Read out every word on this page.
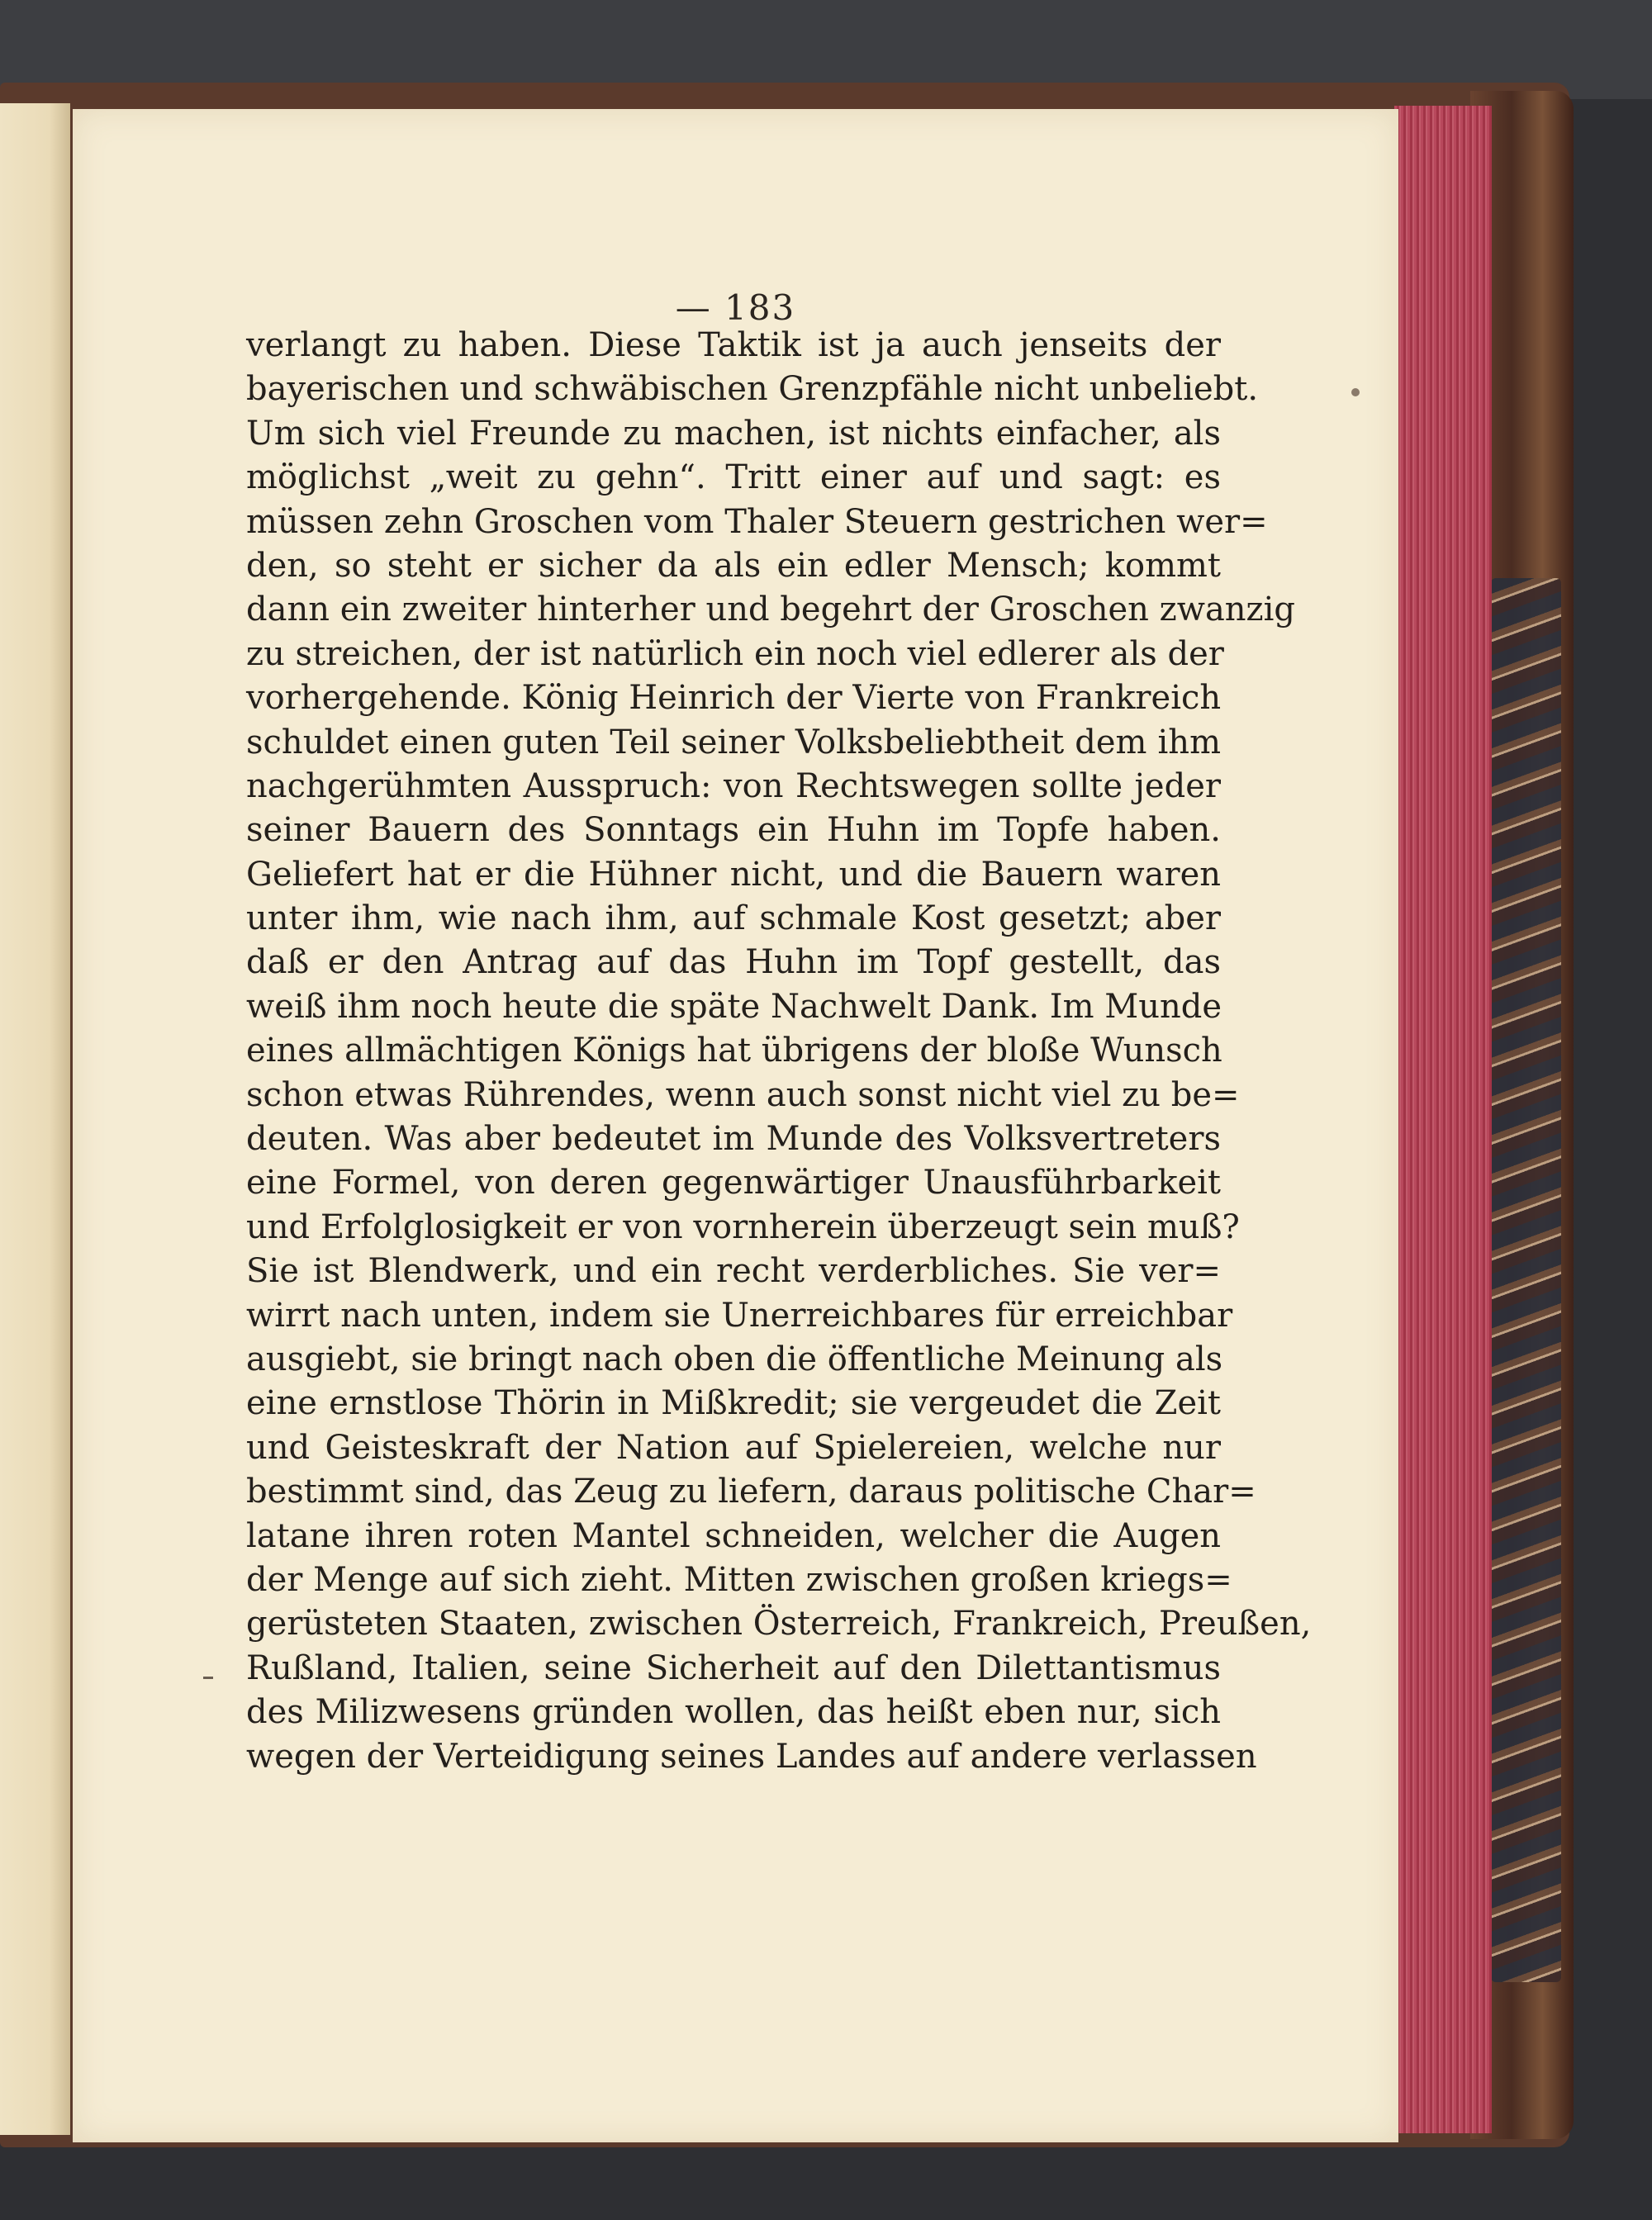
— 183
verlangt zu haben. Diese Taktik ist ja auch jenseits der
bayerischen und schwäbischen Grenzpfähle nicht unbeliebt.
Um sich viel Freunde zu machen, ist nichts einfacher, als
möglichst „weit zu gehn“. Tritt einer auf und sagt: es
müssen zehn Groschen vom Thaler Steuern gestrichen wer=
den, so steht er sicher da als ein edler Mensch; kommt
dann ein zweiter hinterher und begehrt der Groschen zwanzig
zu streichen, der ist natürlich ein noch viel edlerer als der
vorhergehende. König Heinrich der Vierte von Frankreich
schuldet einen guten Teil seiner Volksbeliebtheit dem ihm
nachgerühmten Ausspruch: von Rechtswegen sollte jeder
seiner Bauern des Sonntags ein Huhn im Topfe haben.
Geliefert hat er die Hühner nicht, und die Bauern waren
unter ihm, wie nach ihm, auf schmale Kost gesetzt; aber
daß er den Antrag auf das Huhn im Topf gestellt, das
weiß ihm noch heute die späte Nachwelt Dank. Im Munde
eines allmächtigen Königs hat übrigens der bloße Wunsch
schon etwas Rührendes, wenn auch sonst nicht viel zu be=
deuten. Was aber bedeutet im Munde des Volksvertreters
eine Formel, von deren gegenwärtiger Unausführbarkeit
und Erfolglosigkeit er von vornherein überzeugt sein muß?
Sie ist Blendwerk, und ein recht verderbliches. Sie ver=
wirrt nach unten, indem sie Unerreichbares für erreichbar
ausgiebt, sie bringt nach oben die öffentliche Meinung als
eine ernstlose Thörin in Mißkredit; sie vergeudet die Zeit
und Geisteskraft der Nation auf Spielereien, welche nur
bestimmt sind, das Zeug zu liefern, daraus politische Char=
latane ihren roten Mantel schneiden, welcher die Augen
der Menge auf sich zieht. Mitten zwischen großen kriegs=
gerüsteten Staaten, zwischen Österreich, Frankreich, Preußen,
Rußland, Italien, seine Sicherheit auf den Dilettantismus
des Milizwesens gründen wollen, das heißt eben nur, sich
wegen der Verteidigung seines Landes auf andere verlassen
